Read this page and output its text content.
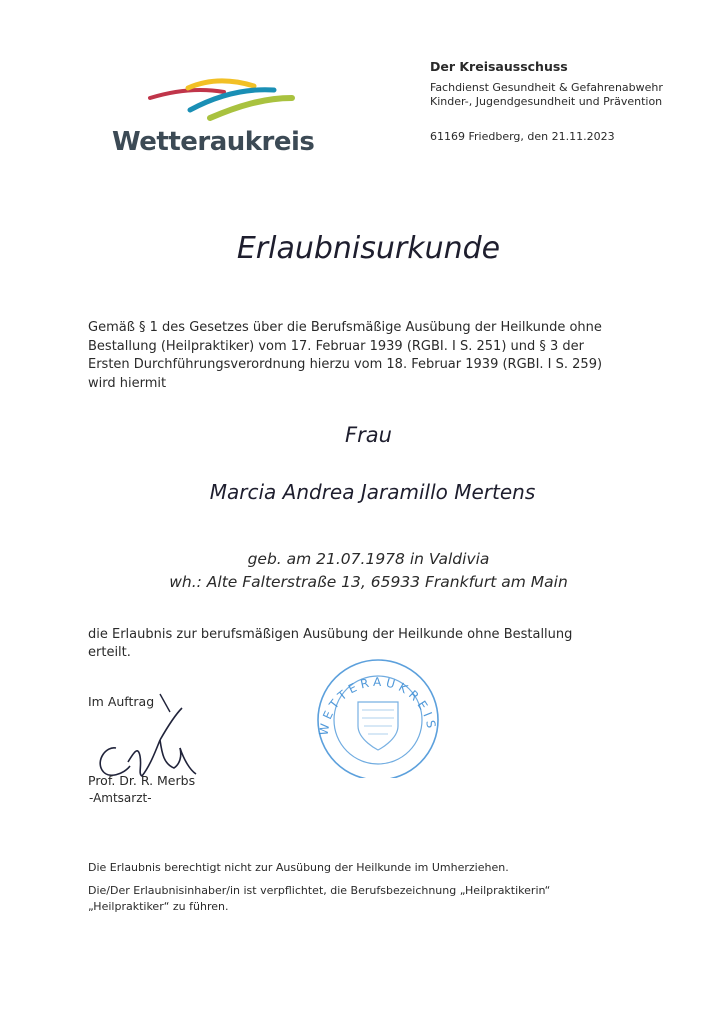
Wetteraukreis
Der Kreisausschuss
Fachdienst Gesundheit & Gefahrenabwehr
Kinder-, Jugendgesundheit und Prävention
61169 Friedberg, den 21.11.2023
Erlaubnisurkunde
Gemäß § 1 des Gesetzes über die Berufsmäßige Ausübung der Heilkunde ohne
Bestallung (Heilpraktiker) vom 17. Februar 1939 (RGBI. I S. 251) und § 3 der
Ersten Durchführungsverordnung hierzu vom 18. Februar 1939 (RGBI. I S. 259)
wird hiermit
Frau
Marcia Andrea Jaramillo Mertens
geb. am 21.07.1978 in Valdivia
wh.: Alte Falterstraße 13, 65933 Frankfurt am Main
die Erlaubnis zur berufsmäßigen Ausübung der Heilkunde ohne Bestallung
erteilt.
Im Auftrag
Prof. Dr. R. Merbs
-Amtsarzt-
WETTERAUKREIS
Die Erlaubnis berechtigt nicht zur Ausübung der Heilkunde im Umherziehen.
Die/Der Erlaubnisinhaber/in ist verpflichtet, die Berufsbezeichnung „Heilpraktikerin“
„Heilpraktiker“ zu führen.
